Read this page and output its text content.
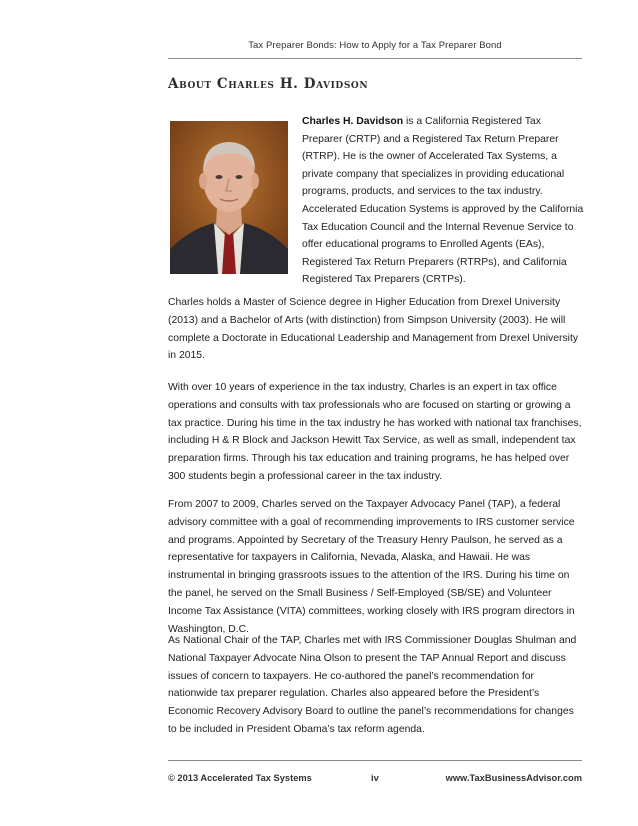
Tax Preparer Bonds: How to Apply for a Tax Preparer Bond
About Charles H. Davidson

Charles H. Davidson is a California Registered Tax Preparer (CRTP) and a Registered Tax Return Preparer (RTRP). He is the owner of Accelerated Tax Systems, a private company that specializes in providing educational programs, products, and services to the tax industry. Accelerated Education Systems is approved by the California Tax Education Council and the Internal Revenue Service to offer educational programs to Enrolled Agents (EAs), Registered Tax Return Preparers (RTRPs), and California Registered Tax Preparers (CRTPs).

Charles holds a Master of Science degree in Higher Education from Drexel University (2013) and a Bachelor of Arts (with distinction) from Simpson University (2003). He will complete a Doctorate in Educational Leadership and Management from Drexel University in 2015.

With over 10 years of experience in the tax industry, Charles is an expert in tax office operations and consults with tax professionals who are focused on starting or growing a tax practice. During his time in the tax industry he has worked with national tax franchises, including H & R Block and Jackson Hewitt Tax Service, as well as small, independent tax preparation firms. Through his tax education and training programs, he has helped over 300 students begin a professional career in the tax industry.

From 2007 to 2009, Charles served on the Taxpayer Advocacy Panel (TAP), a federal advisory committee with a goal of recommending improvements to IRS customer service and programs. Appointed by Secretary of the Treasury Henry Paulson, he served as a representative for taxpayers in California, Nevada, Alaska, and Hawaii. He was instrumental in bringing grassroots issues to the attention of the IRS. During his time on the panel, he served on the Small Business / Self-Employed (SB/SE) and Volunteer Income Tax Assistance (VITA) committees, working closely with IRS program directors in Washington, D.C.

As National Chair of the TAP, Charles met with IRS Commissioner Douglas Shulman and National Taxpayer Advocate Nina Olson to present the TAP Annual Report and discuss issues of concern to taxpayers. He co-authored the panel’s recommendation for nationwide tax preparer regulation. Charles also appeared before the President’s Economic Recovery Advisory Board to outline the panel’s recommendations for changes to be included in President Obama’s tax reform agenda.

© 2013 Accelerated Tax Systems	iv	www.TaxBusinessAdvisor.com
